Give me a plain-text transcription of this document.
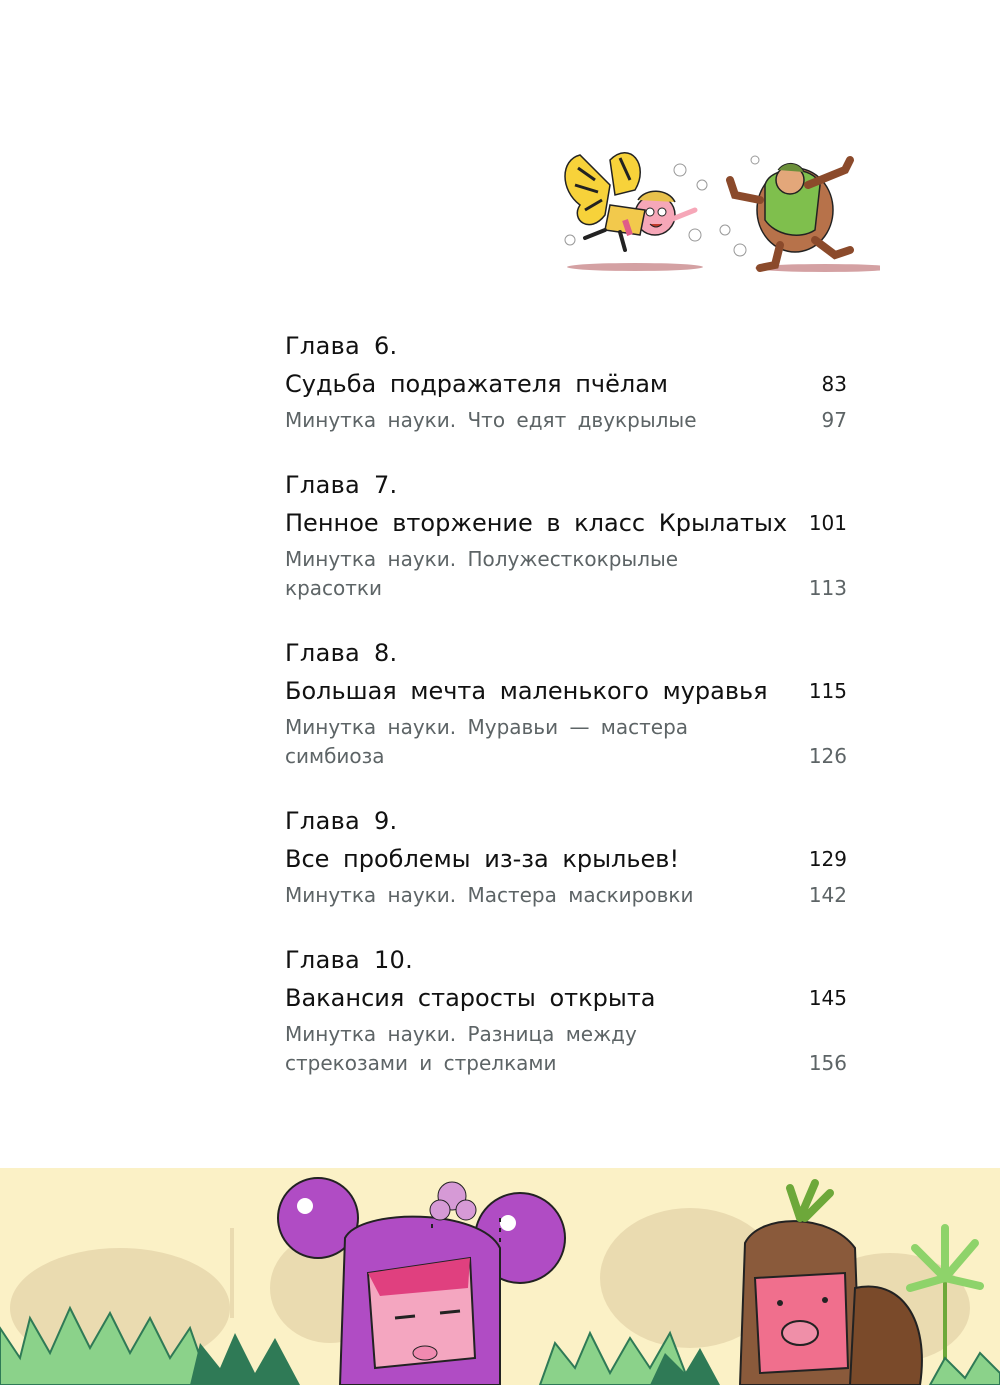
Глава 6.
Судьба подражателя пчёлам	83
Минутка науки. Что едят двукрылые	97
Глава 7.
Пенное вторжение в класс Крылатых	101
Минутка науки. Полужесткокрылые красотки	113
Глава 8.
Большая мечта маленького муравья	115
Минутка науки. Муравьи — мастера симбиоза	126
Глава 9.
Все проблемы из-за крыльев!	129
Минутка науки. Мастера маскировки	142
Глава 10.
Вакансия старосты открыта	145
Минутка науки. Разница между стрекозами и стрелками	156
